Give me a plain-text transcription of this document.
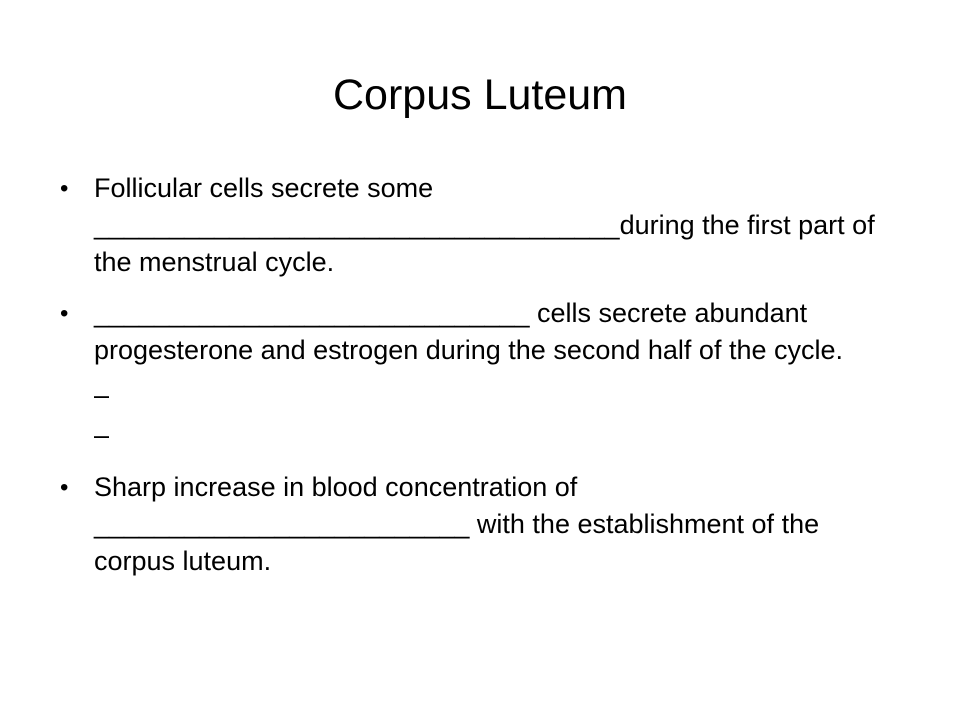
Corpus Luteum
• Follicular cells secrete some ___________________________________during the first part of the menstrual cycle.
• _____________________________ cells secrete abundant progesterone and estrogen during the second half of the cycle.
–
–
• Sharp increase in blood concentration of _________________________ with the establishment of the corpus luteum.
